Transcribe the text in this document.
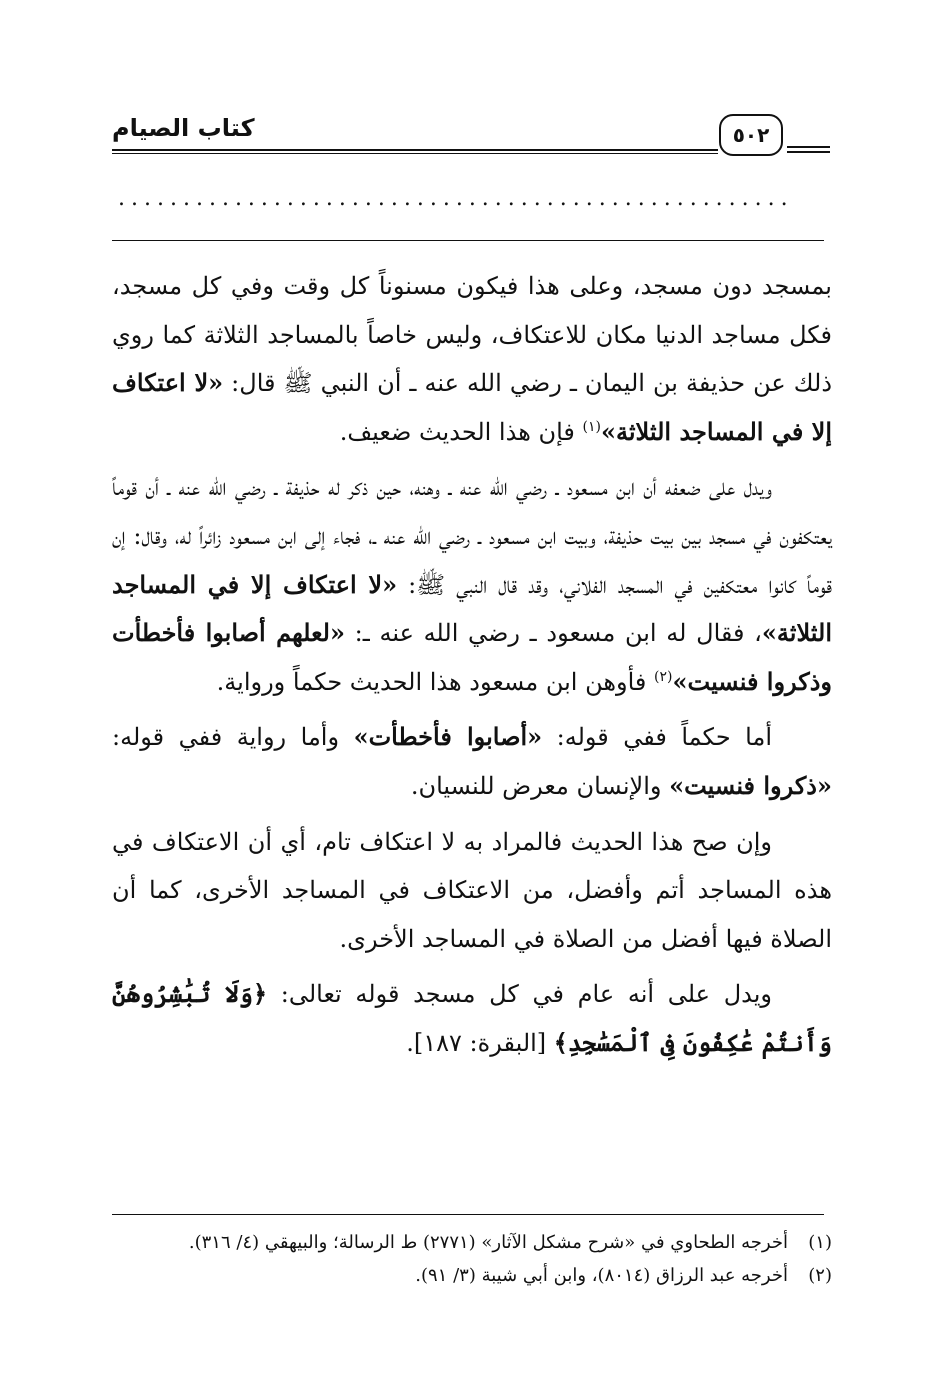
كتاب الصيام	٥٠٢
....................................................

بمسجد دون مسجد، وعلى هذا فيكون مسنوناً كل وقت وفي كل مسجد، فكل مساجد الدنيا مكان للاعتكاف، وليس خاصاً بالمساجد الثلاثة كما روي ذلك عن حذيفة بن اليمان ـ رضي الله عنه ـ أن النبي ﷺ قال: «لا اعتكاف إلا في المساجد الثلاثة»$^{(١)}$ فإن هذا الحديث ضعيف.

ويدل على ضعفه أن ابن مسعود ـ رضي الله عنه ـ وهنه، حين ذكر له حذيفة ـ رضي الله عنه ـ أن قوماً يعتكفون في مسجد بين بيت حذيفة، وبيت ابن مسعود ـ رضي الله عنه ـ، فجاء إلى ابن مسعود زائراً له، وقال: إن قوماً كانوا معتكفين في المسجد الفلاني، وقد قال النبي ﷺ: «لا اعتكاف إلا في المساجد الثلاثة»، فقال له ابن مسعود ـ رضي الله عنه ـ: «لعلهم أصابوا فأخطأت وذكروا فنسيت»$^{(٢)}$ فأوهن ابن مسعود هذا الحديث حكماً ورواية.

أما حكماً ففي قوله: «أصابوا فأخطأت» وأما رواية ففي قوله: «ذكروا فنسيت» والإنسان معرض للنسيان.

وإن صح هذا الحديث فالمراد به لا اعتكاف تام، أي أن الاعتكاف في هذه المساجد أتم وأفضل، من الاعتكاف في المساجد الأخرى، كما أن الصلاة فيها أفضل من الصلاة في المساجد الأخرى.

ويدل على أنه عام في كل مسجد قوله تعالى: ﴿وَلَا تُبَٰشِرُوهُنَّ وَأَنتُمْ عَٰكِفُونَ فِى ٱلْمَسَٰجِدِ﴾ [البقرة: ١٨٧].

(١)
أخرجه الطحاوي في «شرح مشكل الآثار» (٢٧٧١) ط الرسالة؛ والبيهقي (٤/ ٣١٦).
(٢)
أخرجه عبد الرزاق (٨٠١٤)، وابن أبي شيبة (٣/ ٩١).
